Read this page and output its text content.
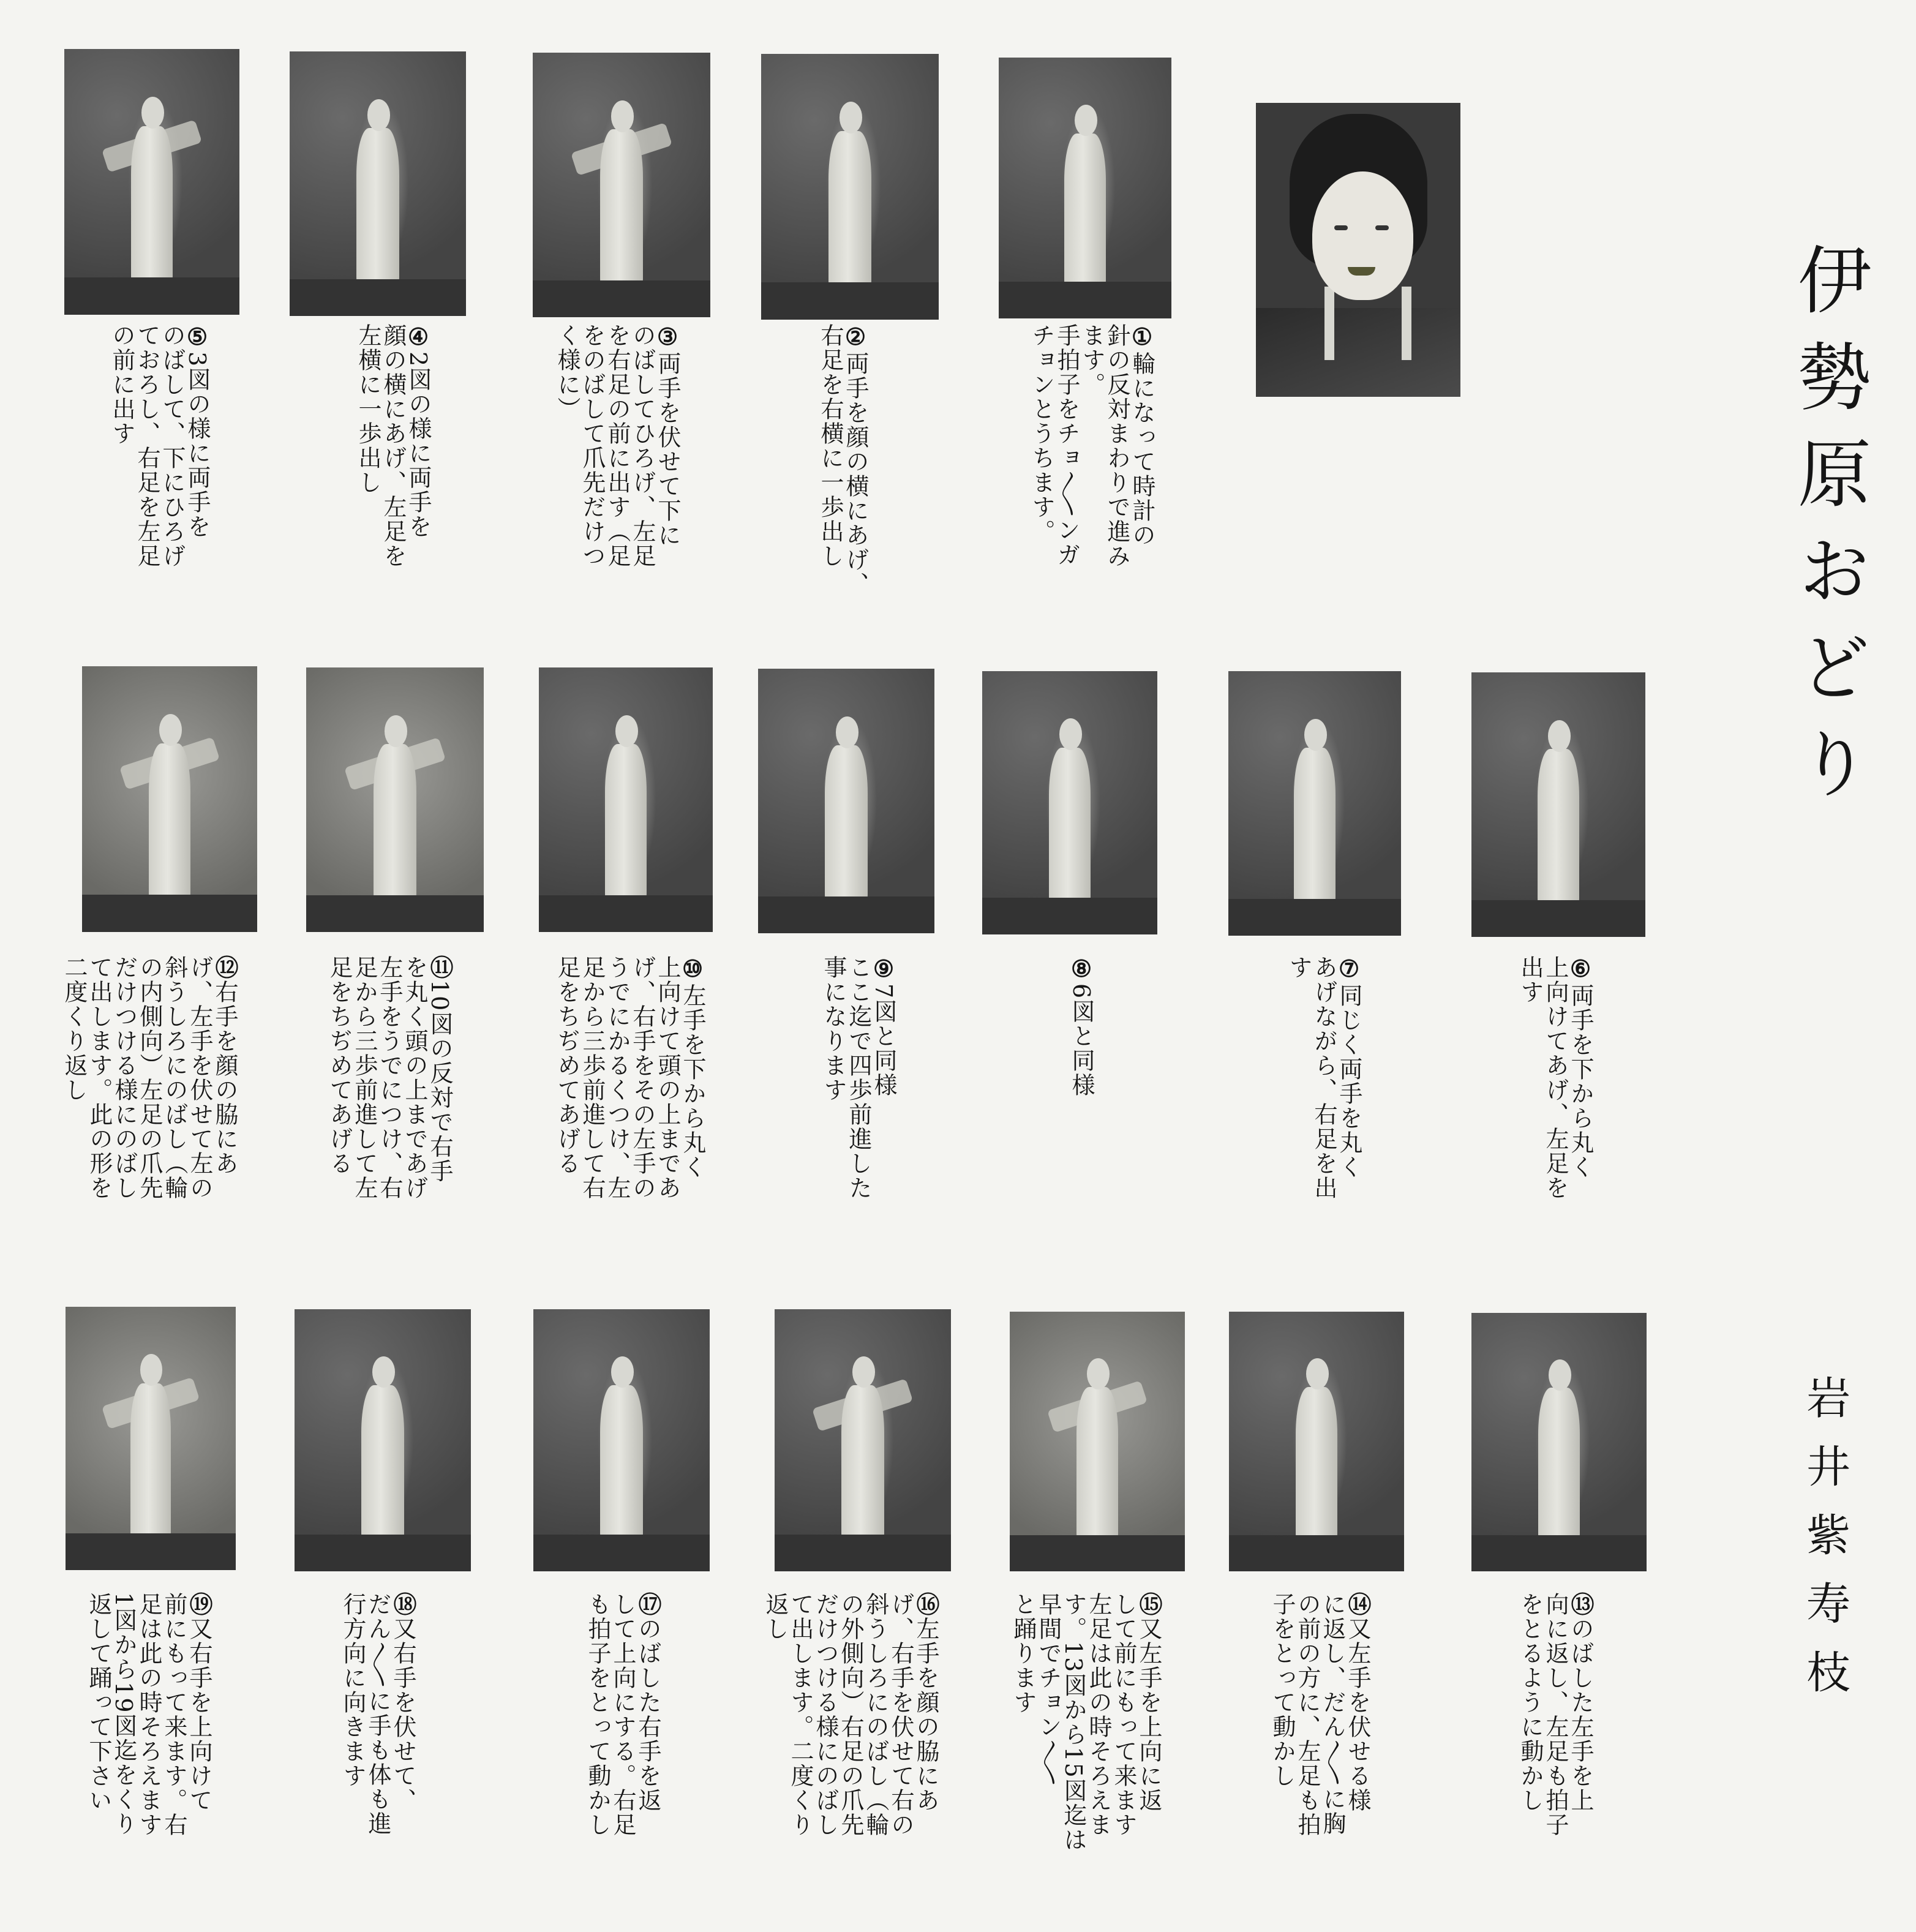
伊勢原おどり
岩井紫寿枝
①輪になって時計の
針の反対まわりで進み
ます。
手拍子をチョ〳〵ンガ
チョンとうちます。
②両手を顔の横にあげ、
右足を右横に一歩出し
③両手を伏せて下に
のばしてひろげ、左足
を右足の前に出す（足
をのばして爪先だけつ
く様に）
④2図の様に両手を
顔の横にあげ、左足を
左横に一歩出し
⑤3図の様に両手を
のばして、下にひろげ
ておろし、右足を左足
の前に出す
⑥両手を下から丸く
上向けてあげ、左足を
出す
⑦同じく両手を丸く
あげながら、右足を出
す
⑧6図と同様
⑨7図と同様
ここ迄で四歩前進した
事になります
⑩左手を下から丸く
上向けて頭の上まであ
げ、右手をその左手の
うでにかるくつけ、左
足から三歩前進して右
足をちぢめてあげる
⑪10図の反対で右手
を丸く頭の上まであげ
左手をうでにつけ、右
足から三歩前進して左
足をちぢめてあげる
⑫右手を顔の脇にあ
げ、左手を伏せて左の
斜うしろにのばし（輪
の内側向）左足の爪先
だけつける様にのばし
て出します。此の形を
二度くり返し
⑬のばした左手を上
向に返し、左足も拍子
をとるように動かし
⑭又左手を伏せる様
に返し、だん〳〵に胸
の前の方に、左足も拍
子をとって動かし
⑮又左手を上向に返
して前にもって来ます
左足は此の時そろえま
す。13図から15図迄は
早間でチョン〳〵
と踊ります
⑯左手を顔の脇にあ
げ、右手を伏せて右の
斜うしろにのばし（輪
の外側向）右足の爪先
だけつける様にのばし
て出します。二度くり
返し
⑰のばした右手を返
して上向にする。右足
も拍子をとって動かし
⑱又右手を伏せて、
だん〳〵に手も体も進
行方向に向きます
⑲又右手を上向けて
前にもって来ます。右
足は此の時そろえます
1図から19図迄をくり
返して踊って下さい
